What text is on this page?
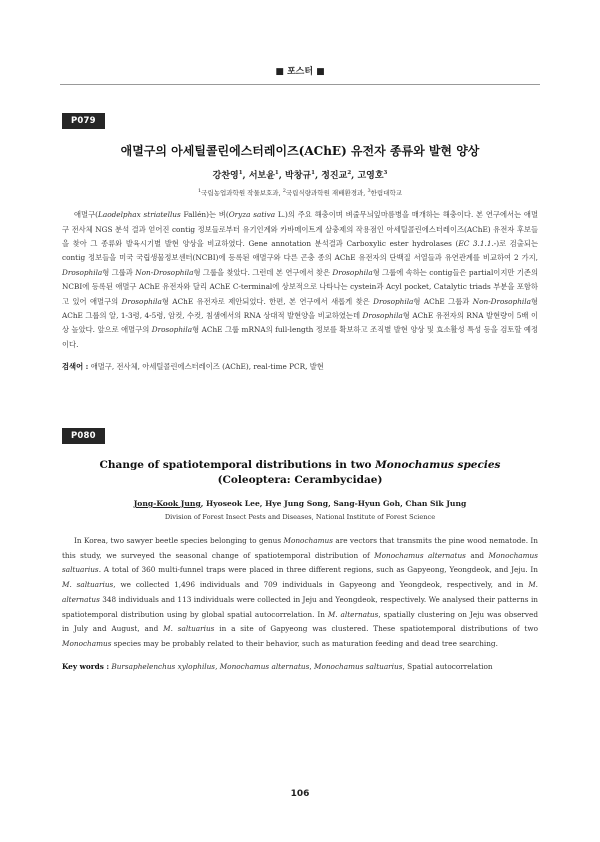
■ 포스터 ■
P079
애멸구의 아세틸콜린에스터레이즈(AChE) 유전자 종류와 발현 양상
강찬영$^1$, 서보윤$^1$, 박창규$^1$, 정진교$^2$, 고영호$^3$
$^1$국립농업과학원 작물보호과, $^2$국립식량과학원 재배환경과, $^3$한림대학교
애멸구(Laodelphax striatellus Fallén)는 벼(Oryza sativa L.)의 주요 해충이며 벼줄무늬잎마름병을 매개하는 해충이다. 본 연구에서는 애멸구 전사체 NGS 분석 결과 얻어진 contig 정보들로부터 유기인계와 카바메이트계 살충제의 작용점인 아세틸콜린에스터레이즈(AChE) 유전자 후보들을 찾아 그 종류와 발육시기별 발현 양상을 비교하였다. Gene annotation 분석결과 Carboxylic ester hydrolases (EC 3.1.1.-)로 검출되는 contig 정보들을 미국 국립생물정보센터(NCBI)에 등록된 애멸구와 다른 곤충 종의 AChE 유전자의 단백질 서열들과 유연관계를 비교하여 2 가지, Drosophila형 그룹과 Non-Drosophila형 그룹을 찾았다. 그런데 본 연구에서 찾은 Drosophila형 그룹에 속하는 contig들은 partial이지만 기존의 NCBI에 등록된 애멸구 AChE 유전자와 달리 AChE C-terminal에 상보적으로 나타나는 cystein과 Acyl pocket, Catalytic triads 부분을 포함하고 있어 애멸구의 Drosophila형 AChE 유전자로 제안되었다. 한편, 본 연구에서 새롭게 찾은 Drosophila형 AChE 그룹과 Non-Drosophila형 AChE 그룹의 알, 1-3령, 4-5령, 암컷, 수컷, 침샘에서의 RNA 상대적 발현양을 비교하였는데 Drosophila형 AChE 유전자의 RNA 발현량이 5배 이상 높았다. 앞으로 애멸구의 Drosophila형 AChE 그룹 mRNA의 full-length 정보를 확보하고 조직별 발현 양상 및 효소활성 특성 등을 검토할 예정이다.
검색어 : 애멸구, 전사체, 아세틸콜린에스터레이즈 (AChE), real-time PCR, 발현
P080
Change of spatiotemporal distributions in two Monochamus species (Coleoptera: Cerambycidae)
Jong-Kook Jung, Hyoseok Lee, Hye Jung Song, Sang-Hyun Goh, Chan Sik Jung
Division of Forest Insect Pests and Diseases, National Institute of Forest Science
In Korea, two sawyer beetle species belonging to genus Monochamus are vectors that transmits the pine wood nematode. In this study, we surveyed the seasonal change of spatiotemporal distribution of Monochamus alternatus and Monochamus saltuarius. A total of 360 multi-funnel traps were placed in three different regions, such as Gapyeong, Yeongdeok, and Jeju. In M. saltuarius, we collected 1,496 individuals and 709 individuals in Gapyeong and Yeongdeok, respectively, and in M. alternatus 348 individuals and 113 individuals were collected in Jeju and Yeongdeok, respectively. We analysed their patterns in spatiotemporal distribution using by global spatial autocorrelation. In M. alternatus, spatially clustering on Jeju was observed in July and August, and M. saltuarius in a site of Gapyeong was clustered. These spatiotemporal distributions of two Monochamus species may be probably related to their behavior, such as maturation feeding and dead tree searching.
Key words : Bursaphelenchus xylophilus, Monochamus alternatus, Monochamus saltuarius, Spatial autocorrelation
106
